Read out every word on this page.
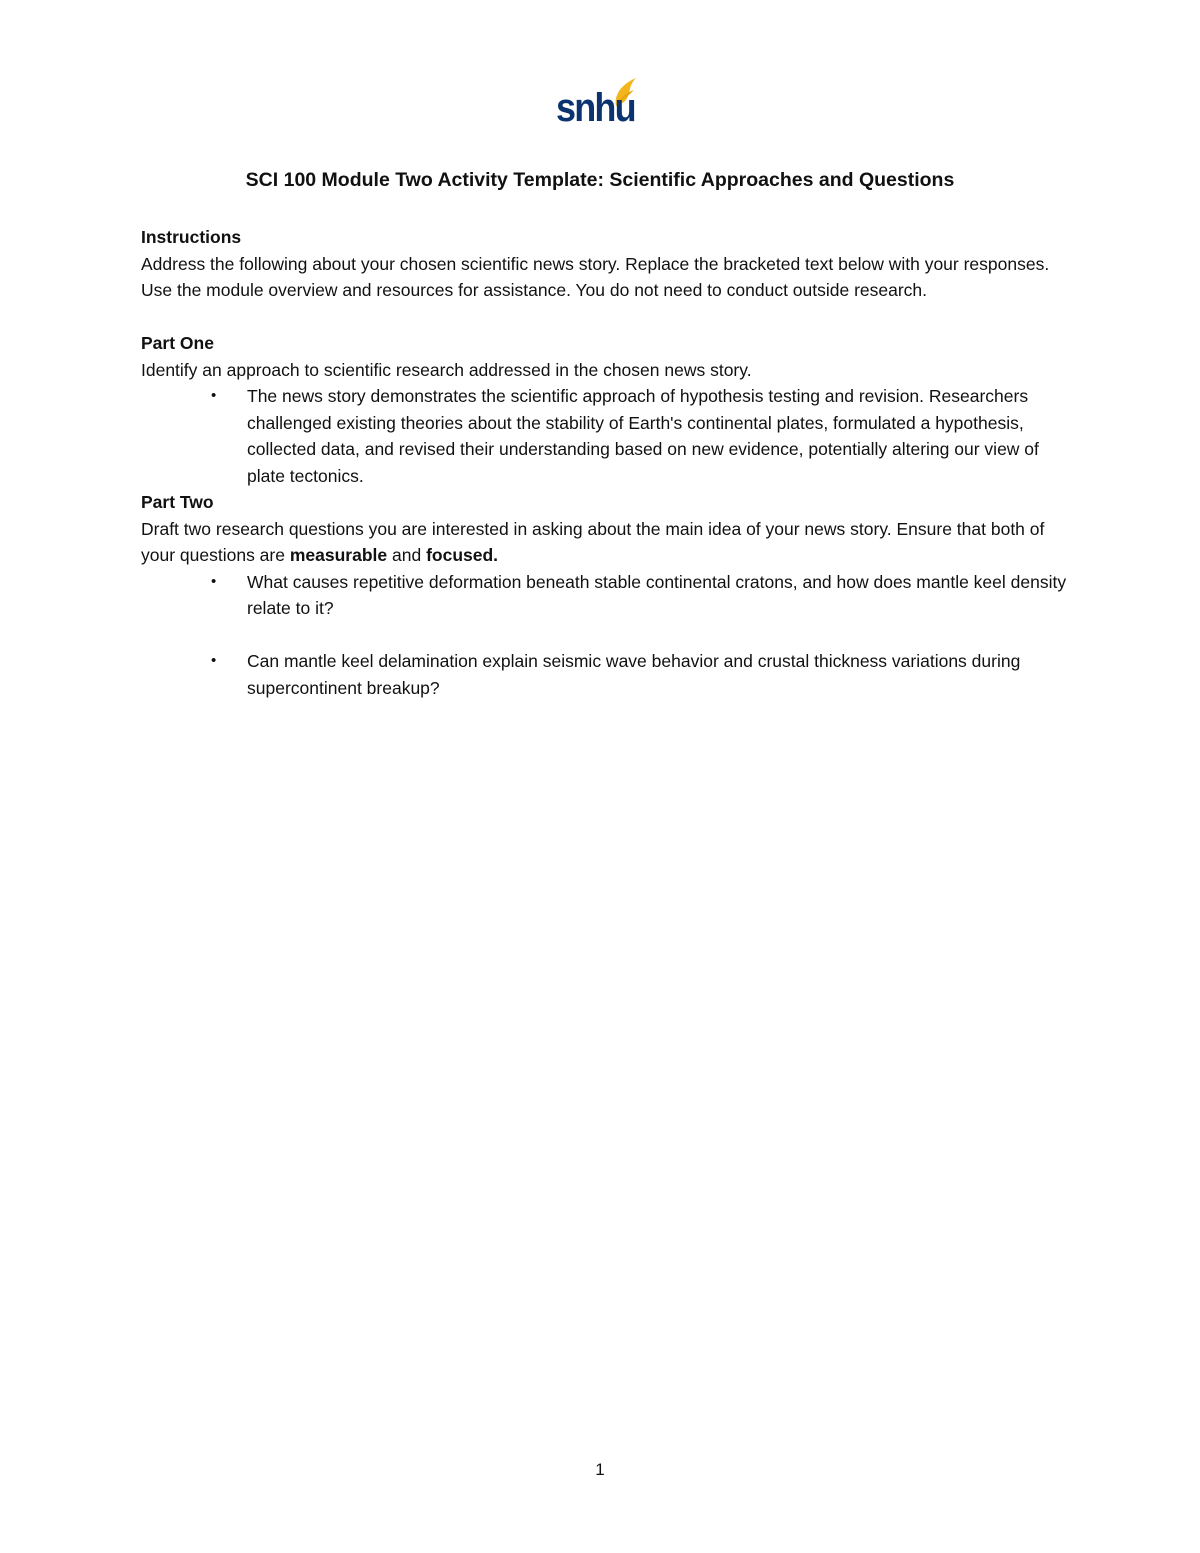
snhu
SCI 100 Module Two Activity Template: Scientific Approaches and Questions

Instructions

Address the following about your chosen scientific news story. Replace the bracketed text below with your responses. Use the module overview and resources for assistance. You do not need to conduct outside research.

Part One

Identify an approach to scientific research addressed in the chosen news story.

• The news story demonstrates the scientific approach of hypothesis testing and revision. Researchers challenged existing theories about the stability of Earth's continental plates, formulated a hypothesis, collected data, and revised their understanding based on new evidence, potentially altering our view of plate tectonics.

Part Two

Draft two research questions you are interested in asking about the main idea of your news story. Ensure that both of your questions are measurable and focused.

• What causes repetitive deformation beneath stable continental cratons, and how does mantle keel density relate to it?
• Can mantle keel delamination explain seismic wave behavior and crustal thickness variations during supercontinent breakup?
1
